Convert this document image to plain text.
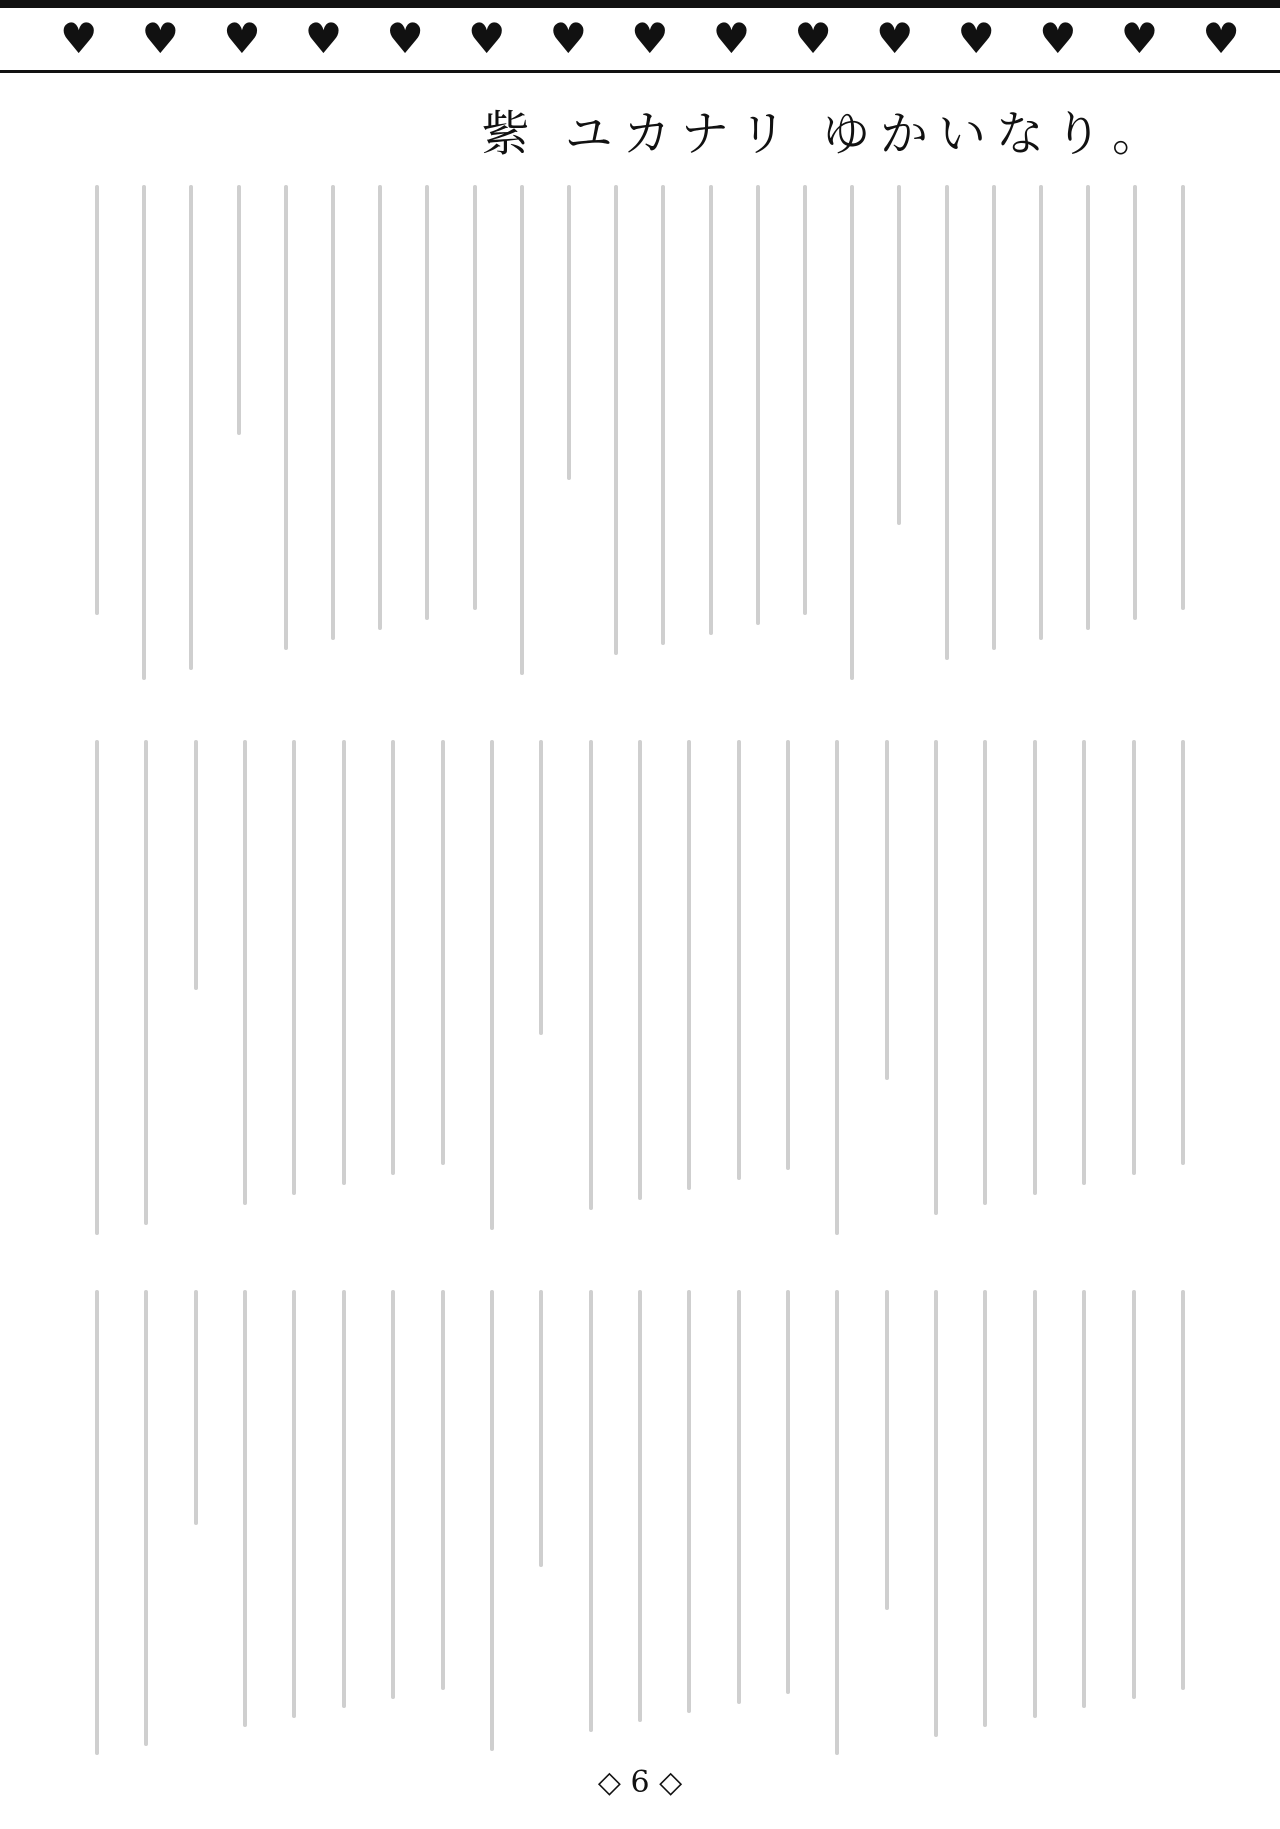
♥ ♥ ♥ ♥ ♥ ♥ ♥ ♥ ♥ ♥ ♥ ♥ ♥ ♥ ♥
紫 ユカナリ ゆかいなり。
◇ 6 ◇
